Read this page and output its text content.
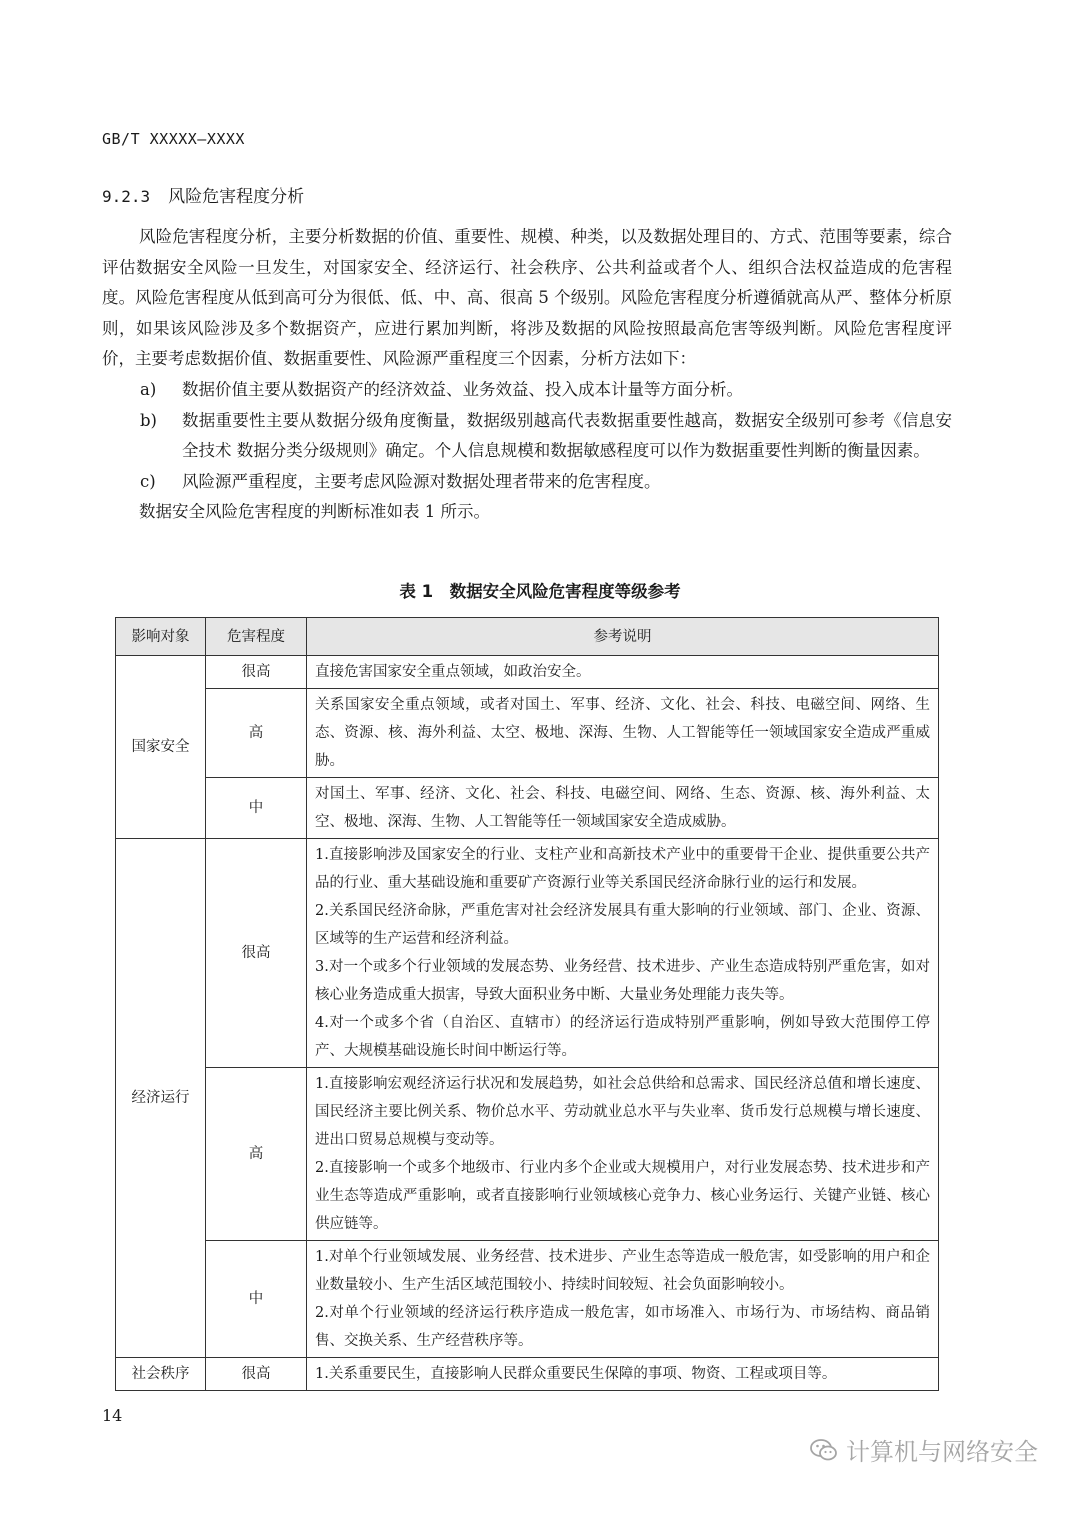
GB/T XXXXX—XXXX
9.2.3 风险危害程度分析

风险危害程度分析，主要分析数据的价值、重要性、规模、种类，以及数据处理目的、方式、范围等要素，综合评估数据安全风险一旦发生，对国家安全、经济运行、社会秩序、公共利益或者个人、组织合法权益造成的危害程度。风险危害程度从低到高可分为很低、低、中、高、很高 5 个级别。风险危害程度分析遵循就高从严、整体分析原则，如果该风险涉及多个数据资产，应进行累加判断，将涉及数据的风险按照最高危害等级判断。风险危害程度评价，主要考虑数据价值、数据重要性、风险源严重程度三个因素，分析方法如下：

a) 数据价值主要从数据资产的经济效益、业务效益、投入成本计量等方面分析。

b) 数据重要性主要从数据分级角度衡量，数据级别越高代表数据重要性越高，数据安全级别可参考《信息安全技术 数据分类分级规则》确定。个人信息规模和数据敏感程度可以作为数据重要性判断的衡量因素。

c) 风险源严重程度，主要考虑风险源对数据处理者带来的危害程度。

数据安全风险危害程度的判断标准如表 1 所示。

表 1　数据安全风险危害程度等级参考
影响对象	危害程度	参考说明
国家安全	很高	直接危害国家安全重点领域，如政治安全。

	高	关系国家安全重点领域，或者对国土、军事、经济、文化、社会、科技、电磁空间、网络、生态、资源、核、海外利益、太空、极地、深海、生物、人工智能等任一领域国家安全造成严重威胁。

	中	对国土、军事、经济、文化、社会、科技、电磁空间、网络、生态、资源、核、海外利益、太空、极地、深海、生物、人工智能等任一领域国家安全造成威胁。

经济运行	很高	1.直接影响涉及国家安全的行业、支柱产业和高新技术产业中的重要骨干企业、提供重要公共产品的行业、重大基础设施和重要矿产资源行业等关系国民经济命脉行业的运行和发展。

2.关系国民经济命脉，严重危害对社会经济发展具有重大影响的行业领域、部门、企业、资源、区域等的生产运营和经济利益。

3.对一个或多个行业领域的发展态势、业务经营、技术进步、产业生态造成特别严重危害，如对核心业务造成重大损害，导致大面积业务中断、大量业务处理能力丧失等。

4.对一个或多个省（自治区、直辖市）的经济运行造成特别严重影响，例如导致大范围停工停产、大规模基础设施长时间中断运行等。

	高	1.直接影响宏观经济运行状况和发展趋势，如社会总供给和总需求、国民经济总值和增长速度、国民经济主要比例关系、物价总水平、劳动就业总水平与失业率、货币发行总规模与增长速度、进出口贸易总规模与变动等。

2.直接影响一个或多个地级市、行业内多个企业或大规模用户，对行业发展态势、技术进步和产业生态等造成严重影响，或者直接影响行业领域核心竞争力、核心业务运行、关键产业链、核心供应链等。

	中	1.对单个行业领域发展、业务经营、技术进步、产业生态等造成一般危害，如受影响的用户和企业数量较小、生产生活区域范围较小、持续时间较短、社会负面影响较小。

2.对单个行业领域的经济运行秩序造成一般危害，如市场准入、市场行为、市场结构、商品销售、交换关系、生产经营秩序等。

社会秩序	很高	1.关系重要民生，直接影响人民群众重要民生保障的事项、物资、工程或项目等。

14
计算机与网络安全
